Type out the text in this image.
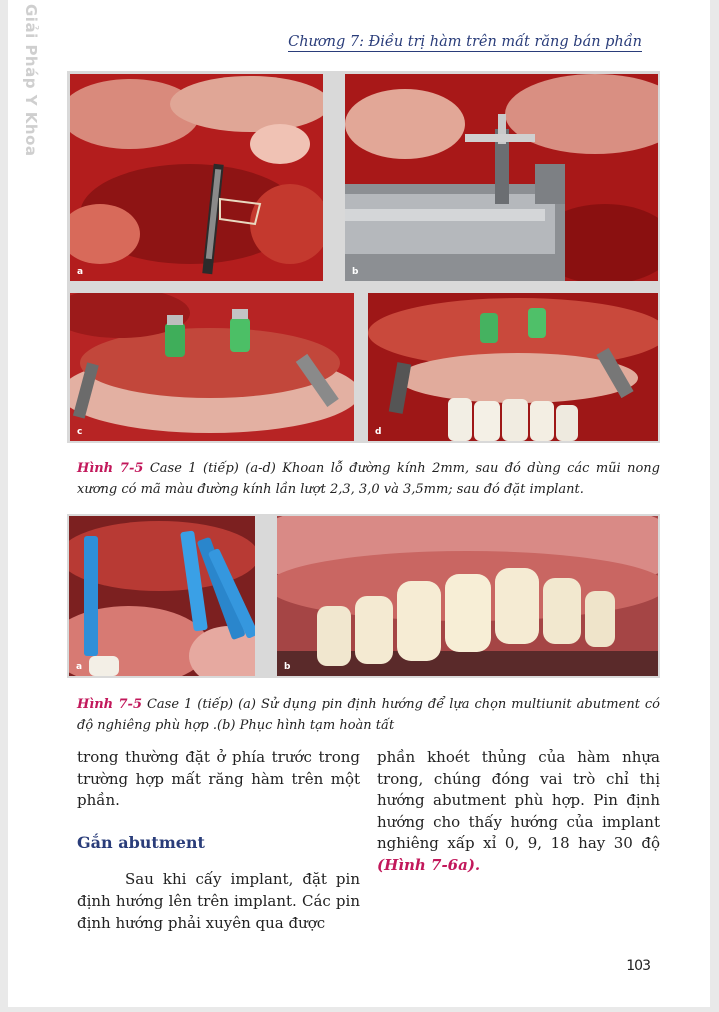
Giải Pháp Y Khoa	Chương 7: Điều trị hàm trên mất răng bán phần
a	b
c	d
Hình 7-5 Case 1 (tiếp) (a-d) Khoan lỗ đường kính 2mm, sau đó dùng các mũi nong xương có mã màu đường kính lần lượt 2,3, 3,0 và 3,5mm; sau đó đặt implant.
a	b
Hình 7-5 Case 1 (tiếp) (a) Sử dụng pin định hướng để lựa chọn multiunit abutment có độ nghiêng phù hợp .(b) Phục hình tạm hoàn tất

trong thường đặt ở phía trước trong trường hợp mất răng hàm trên một phần.

Gắn abutment

Sau khi cấy implant, đặt pin định hướng lên trên implant. Các pin định hướng phải xuyên qua được

phần khoét thủng của hàm nhựa trong, chúng đóng vai trò chỉ thị hướng abutment phù hợp. Pin định hướng cho thấy hướng của implant nghiêng xấp xỉ 0, 9, 18 hay 30 độ (Hình 7-6a).

103
